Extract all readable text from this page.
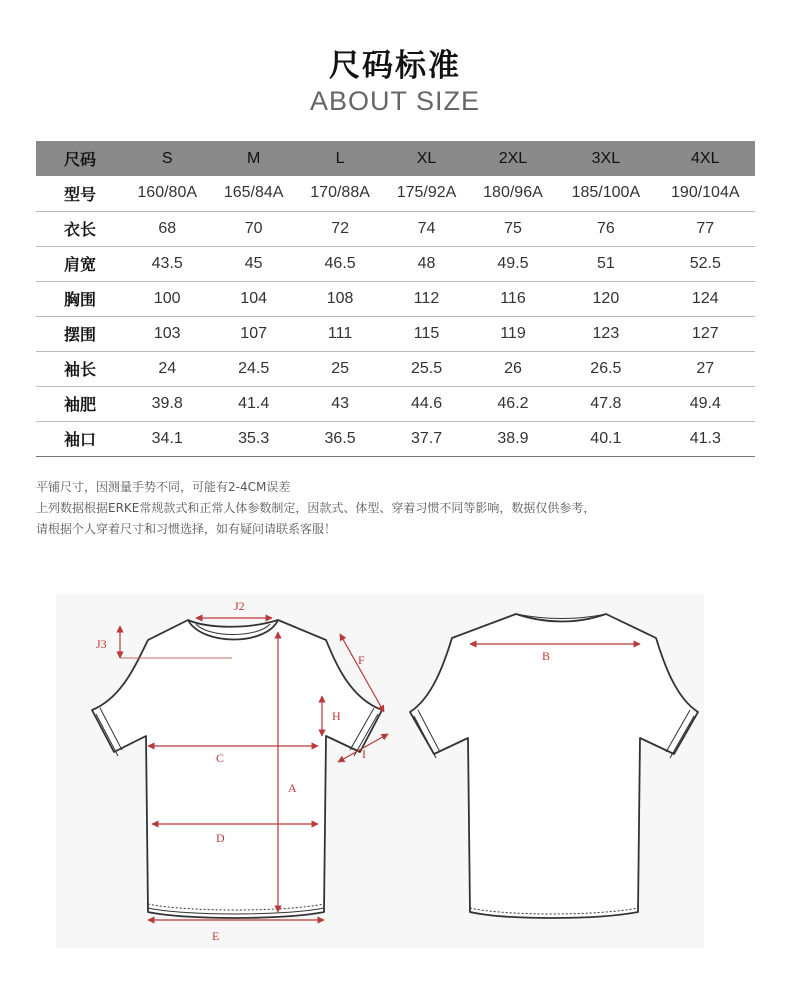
尺码标准
ABOUT SIZE
尺码	S	M	L	XL	2XL	3XL	4XL
型号	160/80A	165/84A	170/88A	175/92A	180/96A	185/100A	190/104A
衣长	68	70	72	74	75	76	77
肩宽	43.5	45	46.5	48	49.5	51	52.5
胸围	100	104	108	112	116	120	124
摆围	103	107	111	115	119	123	127
袖长	24	24.5	25	25.5	26	26.5	27
袖肥	39.8	41.4	43	44.6	46.2	47.8	49.4
袖口	34.1	35.3	36.5	37.7	38.9	40.1	41.3
平铺尺寸，因测量手势不同，可能有2-4CM误差
上列数据根据ERKE常规款式和正常人体参数制定，因款式、体型、穿着习惯不同等影响，数据仅供参考，
请根据个人穿着尺寸和习惯选择，如有疑问请联系客服！
A
B
C
D
E
F
H
I
J2
J3
